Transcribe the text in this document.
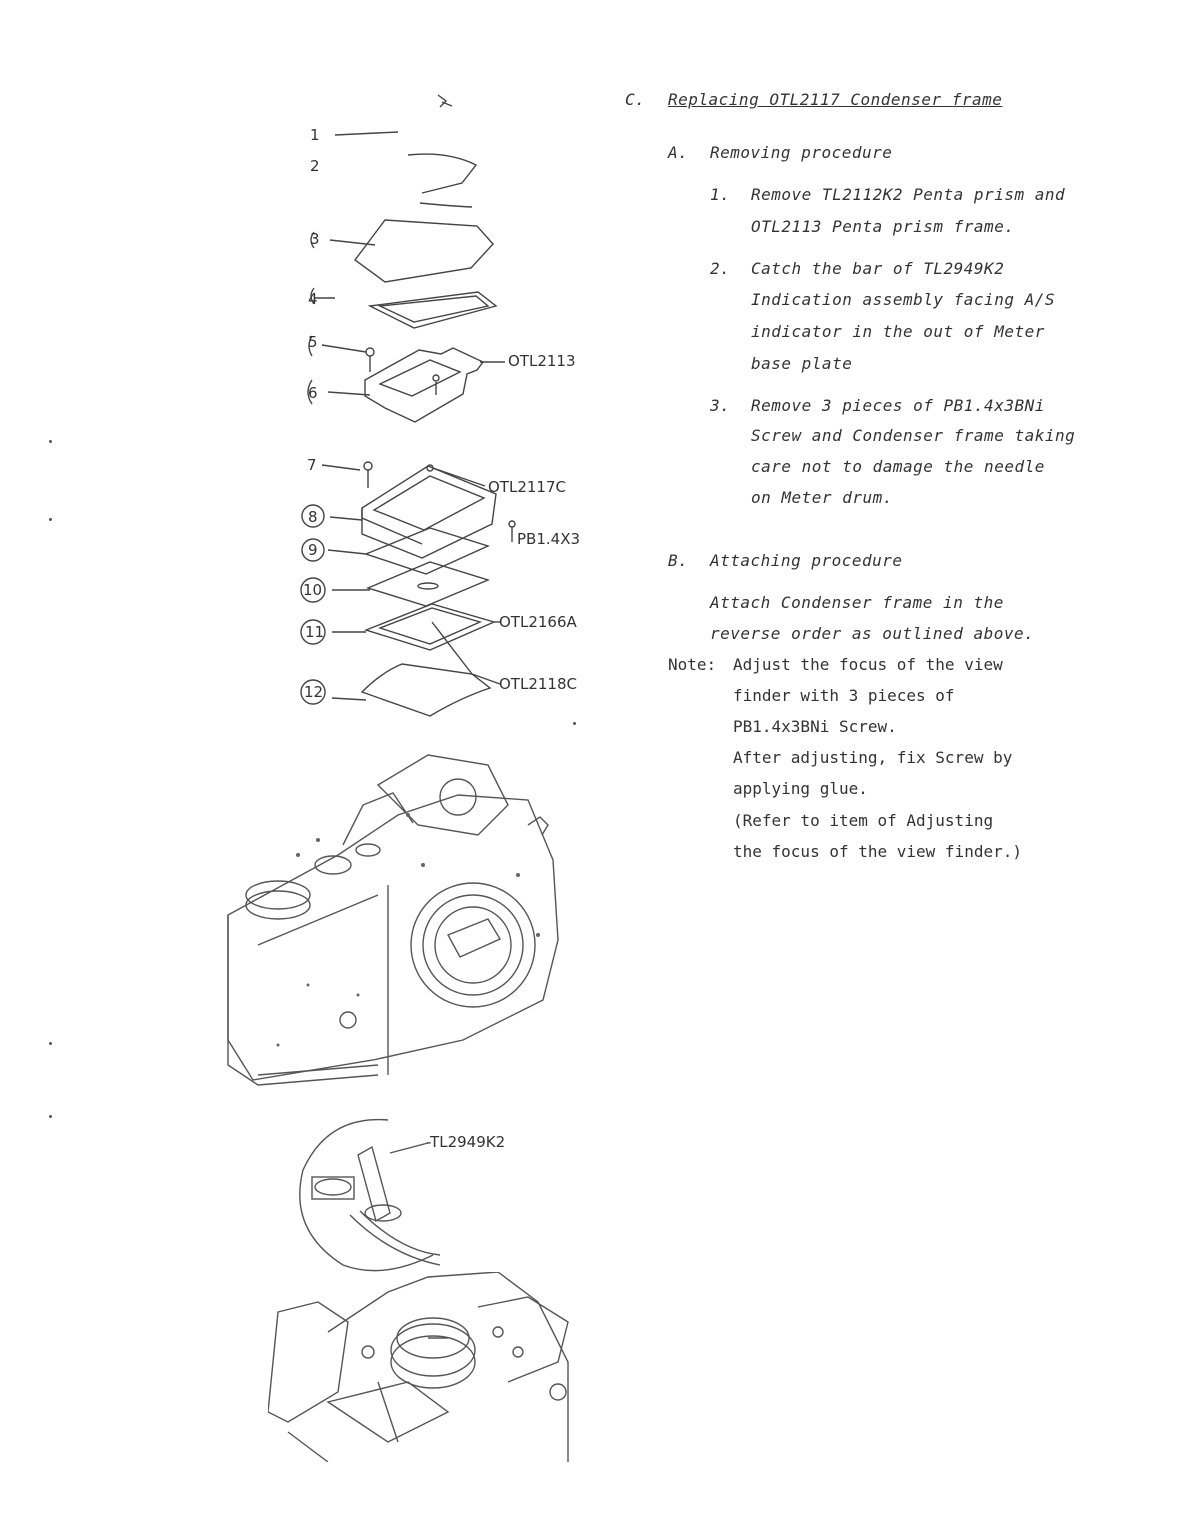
1
2
3
4
5
6
7
8
9
10
11
12
OTL2113
OTL2117C
PB1.4X3
OTL2166A
OTL2118C
-TL2949K2
C. Replacing OTL2117 Condenser frame
A. Removing procedure
1. Remove TL2112K2 Penta prism and
OTL2113 Penta prism frame.
2. Catch the bar of TL2949K2
Indication assembly facing A/S
indicator in the out of Meter
base plate
3. Remove 3 pieces of PB1.4x3BNi
Screw and Condenser frame taking
care not to damage the needle
on Meter drum.
B. Attaching procedure
Attach Condenser frame in the
reverse order as outlined above.
Note: Adjust the focus of the view
finder with 3 pieces of
PB1.4x3BNi Screw.
After adjusting, fix Screw by
applying glue.
(Refer to item of Adjusting
the focus of the view finder.)
